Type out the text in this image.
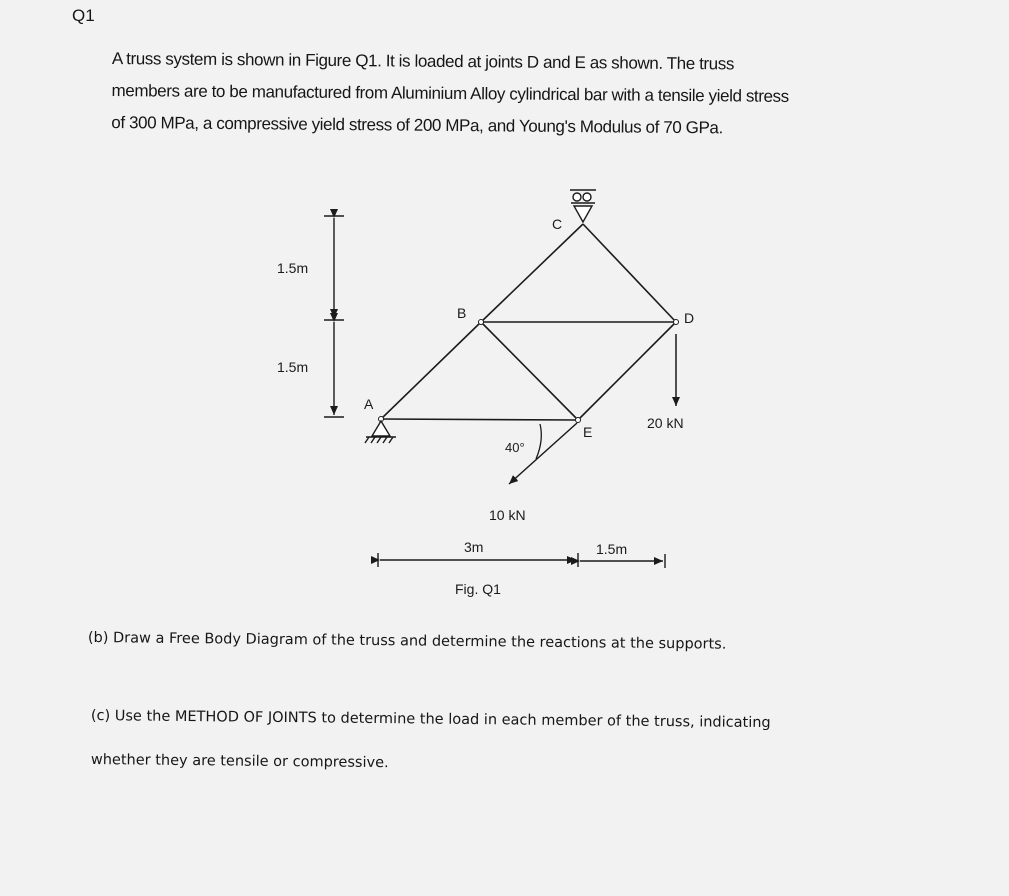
Q1
A truss system is shown in Figure Q1. It is loaded at joints D and E as shown. The truss
members are to be manufactured from Aluminium Alloy cylindrical bar with a tensile yield stress
of 300 MPa, a compressive yield stress of 200 MPa, and Young's Modulus of 70 GPa.
C
B	D
A
E
20 kN
40°
10 kN
1.5m
1.5m
3m	1.5m
Fig. Q1
(b) Draw a Free Body Diagram of the truss and determine the reactions at the supports.
(c) Use the METHOD OF JOINTS to determine the load in each member of the truss, indicating
whether they are tensile or compressive.
